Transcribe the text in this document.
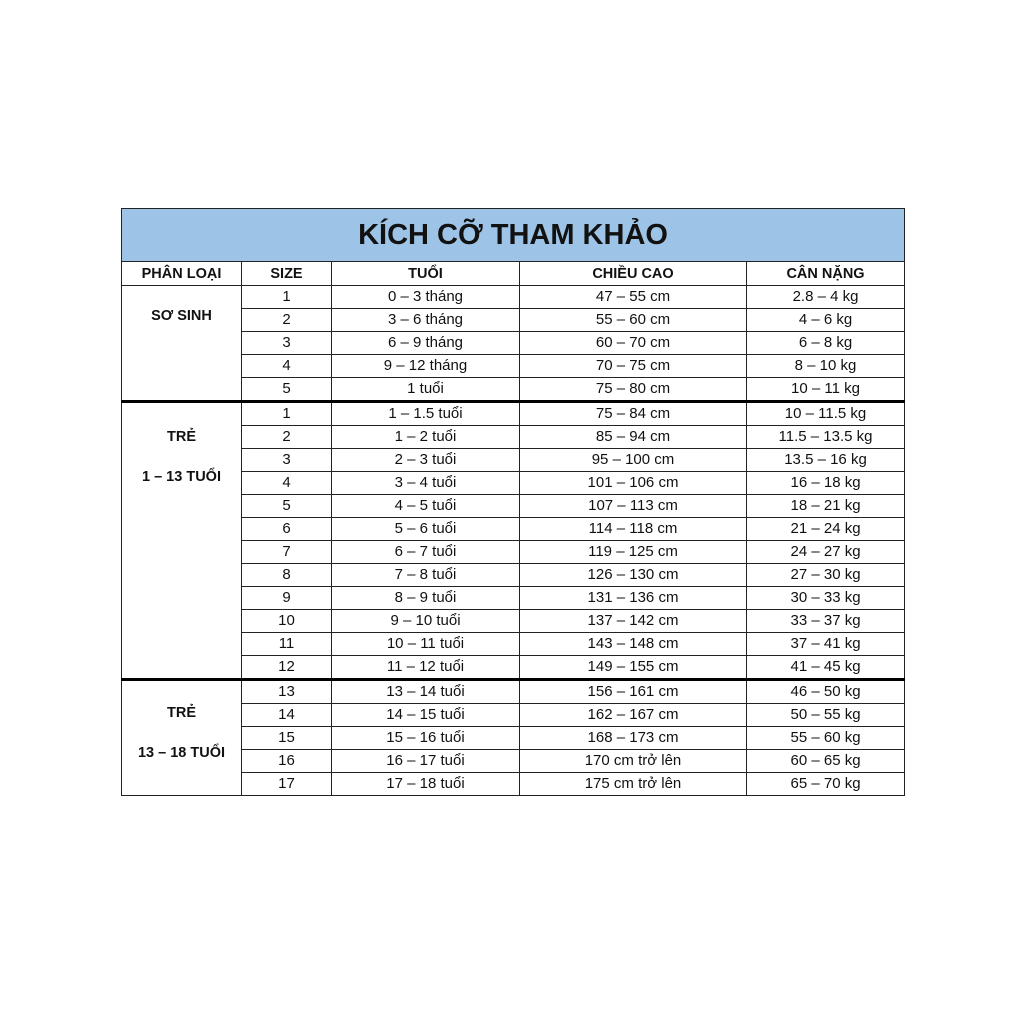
KÍCH CỠ THAM KHẢO				
PHÂN LOẠI	SIZE	TUỔI	CHIỀU CAO	CÂN NẶNG

SƠ SINH	1	0 – 3 tháng	47 – 55 cm	2.8 – 4 kg
	2	3 – 6 tháng	55 – 60 cm	4 – 6 kg
	3	6 – 9 tháng	60 – 70 cm	6 – 8 kg
	4	9 – 12 tháng	70 – 75 cm	8 – 10 kg
	5	1 tuổi	75 – 80 cm	10 – 11 kg

TRẺ
1 – 13 TUỔI	1	1 – 1.5 tuổi	75 – 84 cm	10 – 11.5 kg
	2	1 – 2 tuổi	85 – 94 cm	11.5 – 13.5 kg
	3	2 – 3 tuổi	95 – 100 cm	13.5 – 16 kg
	4	3 – 4 tuổi	101 – 106 cm	16 – 18 kg
	5	4 – 5 tuổi	107 – 113 cm	18 – 21 kg
	6	5 – 6 tuổi	114 – 118 cm	21 – 24 kg
	7	6 – 7 tuổi	119 – 125 cm	24 – 27 kg
	8	7 – 8 tuổi	126 – 130 cm	27 – 30 kg
	9	8 – 9 tuổi	131 – 136 cm	30 – 33 kg
	10	9 – 10 tuổi	137 – 142 cm	33 – 37 kg
	11	10 – 11 tuổi	143 – 148 cm	37 – 41 kg
	12	11 – 12 tuổi	149 – 155 cm	41 – 45 kg

TRẺ
13 – 18 TUỔI	13	13 – 14 tuổi	156 – 161 cm	46 – 50 kg
	14	14 – 15 tuổi	162 – 167 cm	50 – 55 kg
	15	15 – 16 tuổi	168 – 173 cm	55 – 60 kg
	16	16 – 17 tuổi	170 cm trở lên	60 – 65 kg
	17	17 – 18 tuổi	175 cm trở lên	65 – 70 kg
